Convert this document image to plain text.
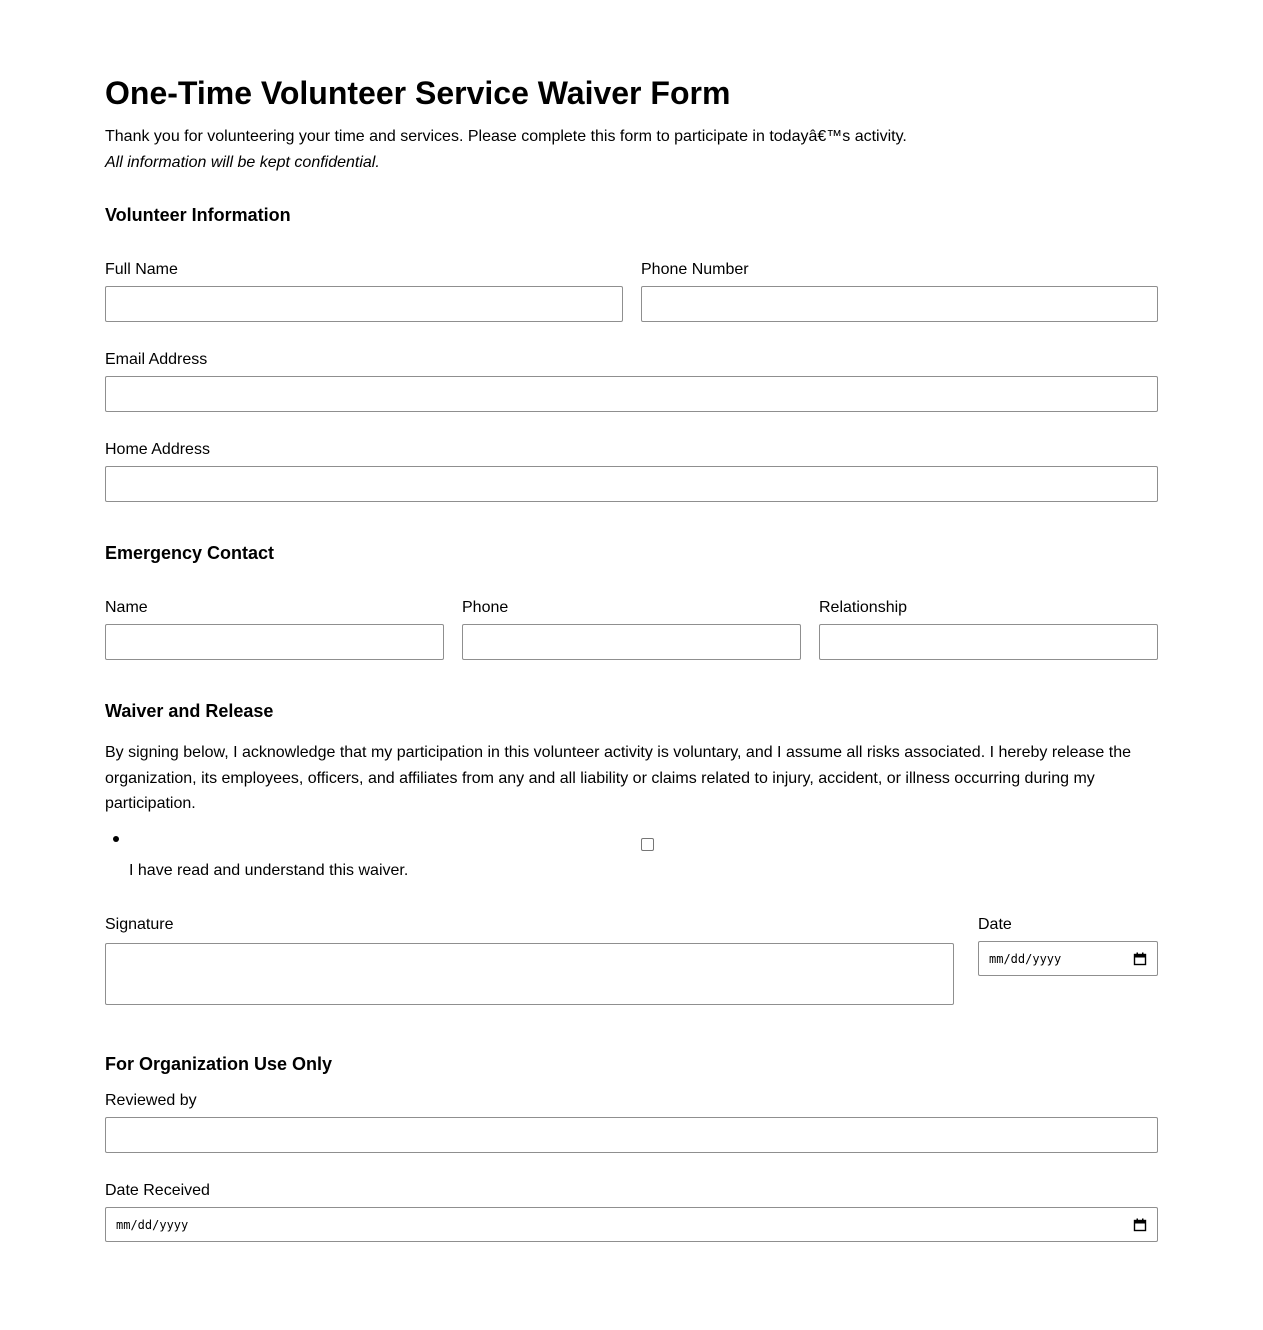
One-Time Volunteer Service Waiver Form
Thank you for volunteering your time and services. Please complete this form to participate in todayâ€™s activity.
All information will be kept confidential.
Volunteer Information
Full Name	Phone Number
Email Address
Home Address
Emergency Contact
Name	Phone	Relationship
Waiver and Release
By signing below, I acknowledge that my participation in this volunteer activity is voluntary, and I assume all risks associated. I hereby release the organization, its employees, officers, and affiliates from any and all liability or claims related to injury, accident, or illness occurring during my participation.
I have read and understand this waiver.
Signature	Date
mm/dd/yyyy
For Organization Use Only
Reviewed by
Date Received
mm/dd/yyyy
